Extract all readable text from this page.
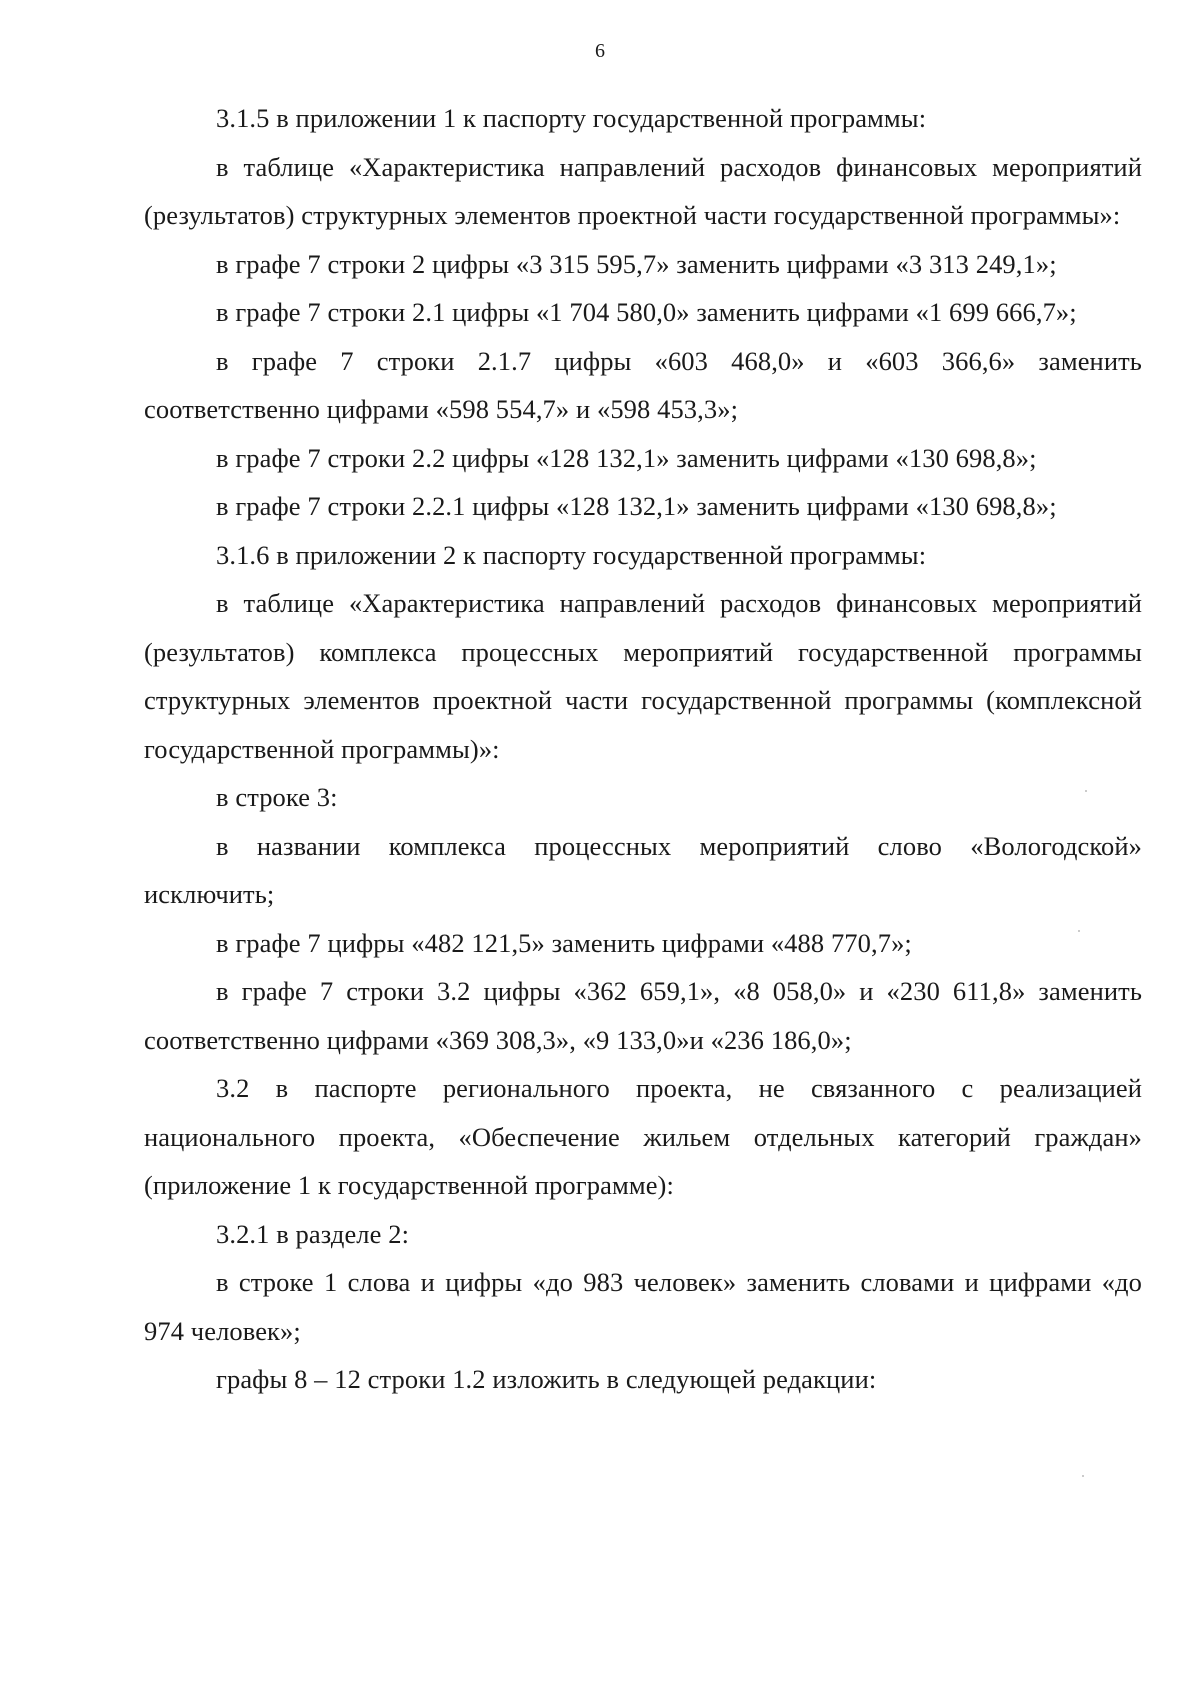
6

3.1.5 в приложении 1 к паспорту государственной программы:

в таблице «Характеристика направлений расходов финансовых мероприятий (результатов) структурных элементов проектной части государственной программы»:

в графе 7 строки 2 цифры «3 315 595,7» заменить цифрами «3 313 249,1»;

в графе 7 строки 2.1 цифры «1 704 580,0» заменить цифрами «1 699 666,7»;

в графе 7 строки 2.1.7 цифры «603 468,0» и «603 366,6» заменить соответственно цифрами «598 554,7» и «598 453,3»;

в графе 7 строки 2.2 цифры «128 132,1» заменить цифрами «130 698,8»;

в графе 7 строки 2.2.1 цифры «128 132,1» заменить цифрами «130 698,8»;

3.1.6 в приложении 2 к паспорту государственной программы:

в таблице «Характеристика направлений расходов финансовых мероприятий (результатов) комплекса процессных мероприятий государственной программы структурных элементов проектной части государственной программы (комплексной государственной программы)»:

в строке 3:

в названии комплекса процессных мероприятий слово «Вологодской» исключить;

в графе 7 цифры «482 121,5» заменить цифрами «488 770,7»;

в графе 7 строки 3.2 цифры «362 659,1», «8 058,0» и «230 611,8» заменить соответственно цифрами «369 308,3», «9 133,0»и «236 186,0»;

3.2 в паспорте регионального проекта, не связанного с реализацией национального проекта, «Обеспечение жильем отдельных категорий граждан» (приложение 1 к государственной программе):

3.2.1 в разделе 2:

в строке 1 слова и цифры «до 983 человек» заменить словами и цифрами «до 974 человек»;

графы 8 – 12 строки 1.2 изложить в следующей редакции:
